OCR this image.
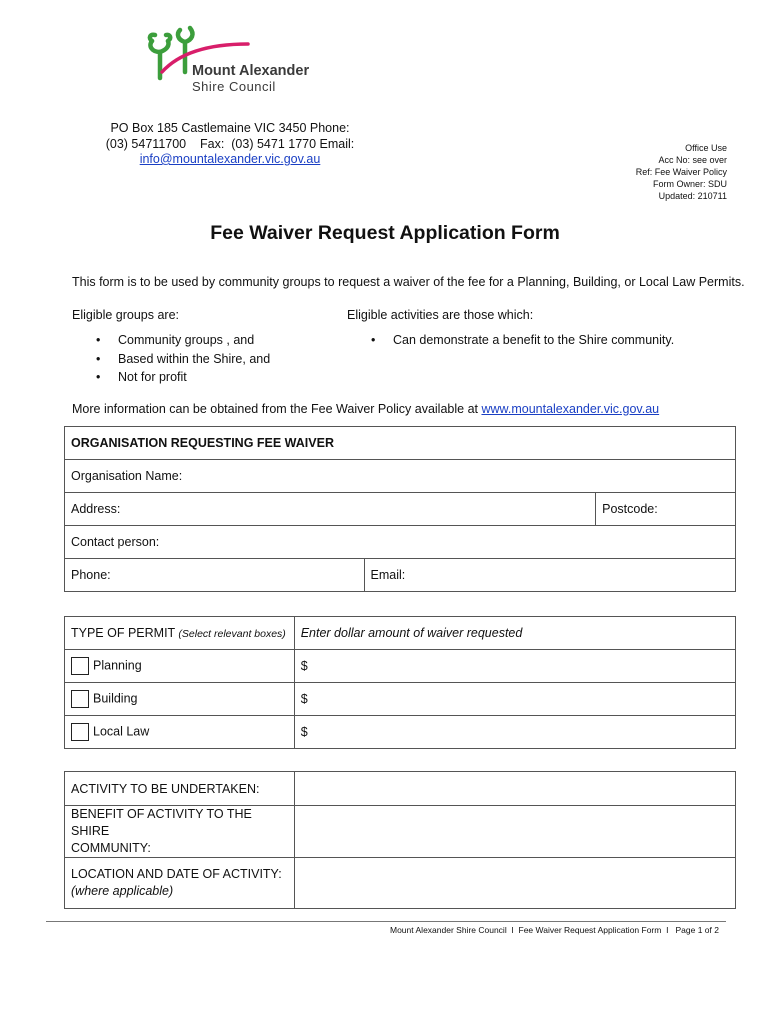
Mount Alexander
Shire Council
PO Box 185 Castlemaine VIC 3450 Phone:
(03) 54711700    Fax:  (03) 5471 1770 Email:
info@mountalexander.vic.gov.au
Office Use
Acc No: see over
Ref: Fee Waiver Policy
Form Owner: SDU
Updated: 210711
Fee Waiver Request Application Form
This form is to be used by community groups to request a waiver of the fee for a Planning, Building, or Local Law Permits.
Eligible groups are:
• Community groups , and
• Based within the Shire, and
• Not for profit
Eligible activities are those which:
• Can demonstrate a benefit to the Shire community.
More information can be obtained from the Fee Waiver Policy available at www.mountalexander.vic.gov.au
ORGANISATION REQUESTING FEE WAIVER		
Organisation Name:		
Address:		Postcode:
Contact person:		
Phone:	Email:	
TYPE OF PERMIT (Select relevant boxes)	Enter dollar amount of waiver requested
Planning	$
Building	$
Local Law	$
ACTIVITY TO BE UNDERTAKEN:	

BENEFIT OF ACTIVITY TO THE SHIRE
COMMUNITY:	

LOCATION AND DATE OF ACTIVITY:
(where applicable)	

Mount Alexander Shire Council  I  Fee Waiver Request Application Form  I   Page 1 of 2
